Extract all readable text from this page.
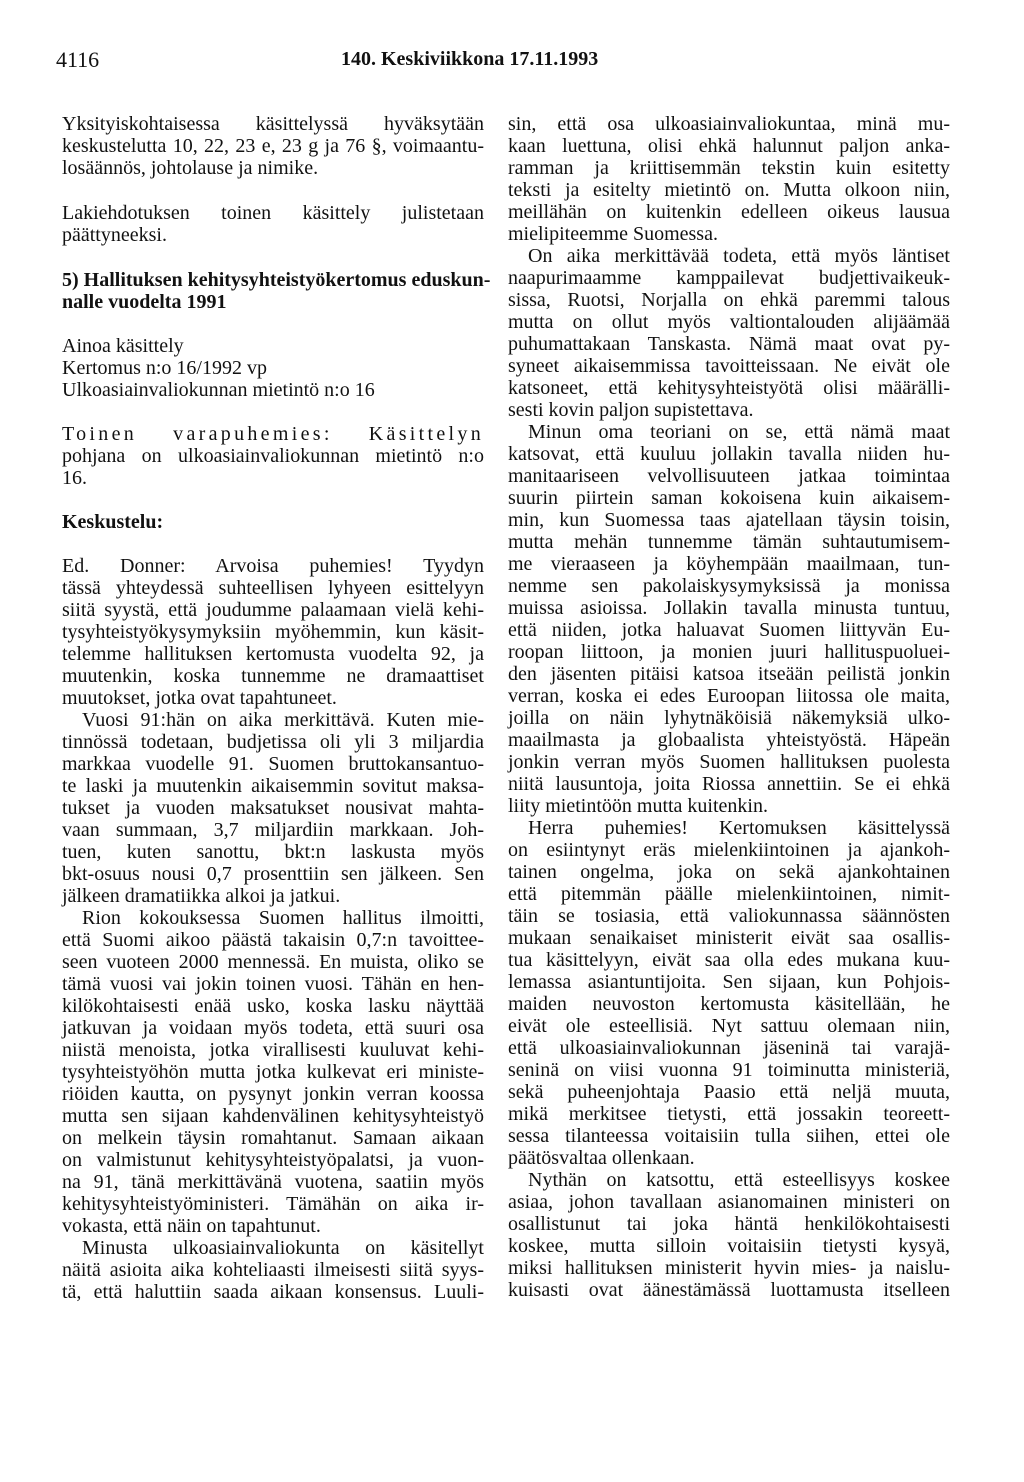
4116	140. Keskiviikkona 17.11.1993
Yksityiskohtaisessa käsittelyssä hyväksytään
keskustelutta 10, 22, 23 e, 23 g ja 76 §, voimaantu-
losäännös, johtolause ja nimike.
Lakiehdotuksen toinen käsittely julistetaan
päättyneeksi.
5) Hallituksen kehitysyhteistyökertomus eduskun-
nalle vuodelta 1991
Ainoa käsittely
Kertomus n:o 16/1992 vp
Ulkoasiainvaliokunnan mietintö n:o 16
Toinen varapuhemies: Käsittelyn
pohjana on ulkoasiainvaliokunnan mietintö n:o
16.
Keskustelu:
Ed. Donner: Arvoisa puhemies! Tyydyn
tässä yhteydessä suhteellisen lyhyeen esittelyyn
siitä syystä, että joudumme palaamaan vielä kehi-
tysyhteistyökysymyksiin myöhemmin, kun käsit-
telemme hallituksen kertomusta vuodelta 92, ja
muutenkin, koska tunnemme ne dramaattiset
muutokset, jotka ovat tapahtuneet.
Vuosi 91:hän on aika merkittävä. Kuten mie-
tinnössä todetaan, budjetissa oli yli 3 miljardia
markkaa vuodelle 91. Suomen bruttokansantuo-
te laski ja muutenkin aikaisemmin sovitut maksa-
tukset ja vuoden maksatukset nousivat mahta-
vaan summaan, 3,7 miljardiin markkaan. Joh-
tuen, kuten sanottu, bkt:n laskusta myös
bkt-osuus nousi 0,7 prosenttiin sen jälkeen. Sen
jälkeen dramatiikka alkoi ja jatkui.
Rion kokouksessa Suomen hallitus ilmoitti,
että Suomi aikoo päästä takaisin 0,7:n tavoittee-
seen vuoteen 2000 mennessä. En muista, oliko se
tämä vuosi vai jokin toinen vuosi. Tähän en hen-
kilökohtaisesti enää usko, koska lasku näyttää
jatkuvan ja voidaan myös todeta, että suuri osa
niistä menoista, jotka virallisesti kuuluvat kehi-
tysyhteistyöhön mutta jotka kulkevat eri ministe-
riöiden kautta, on pysynyt jonkin verran koossa
mutta sen sijaan kahdenvälinen kehitysyhteistyö
on melkein täysin romahtanut. Samaan aikaan
on valmistunut kehitysyhteistyöpalatsi, ja vuon-
na 91, tänä merkittävänä vuotena, saatiin myös
kehitysyhteistyöministeri. Tämähän on aika ir-
vokasta, että näin on tapahtunut.
Minusta ulkoasiainvaliokunta on käsitellyt
näitä asioita aika kohteliaasti ilmeisesti siitä syys-
tä, että haluttiin saada aikaan konsensus. Luuli-
sin, että osa ulkoasiainvaliokuntaa, minä mu-
kaan luettuna, olisi ehkä halunnut paljon anka-
ramman ja kriittisemmän tekstin kuin esitetty
teksti ja esitelty mietintö on. Mutta olkoon niin,
meillähän on kuitenkin edelleen oikeus lausua
mielipiteemme Suomessa.
On aika merkittävää todeta, että myös läntiset
naapurimaamme kamppailevat budjettivaikeuk-
sissa, Ruotsi, Norjalla on ehkä paremmi talous
mutta on ollut myös valtiontalouden alijäämää
puhumattakaan Tanskasta. Nämä maat ovat py-
syneet aikaisemmissa tavoitteissaan. Ne eivät ole
katsoneet, että kehitysyhteistyötä olisi määrälli-
sesti kovin paljon supistettava.
Minun oma teoriani on se, että nämä maat
katsovat, että kuuluu jollakin tavalla niiden hu-
manitaariseen velvollisuuteen jatkaa toimintaa
suurin piirtein saman kokoisena kuin aikaisem-
min, kun Suomessa taas ajatellaan täysin toisin,
mutta mehän tunnemme tämän suhtautumisem-
me vieraaseen ja köyhempään maailmaan, tun-
nemme sen pakolaiskysymyksissä ja monissa
muissa asioissa. Jollakin tavalla minusta tuntuu,
että niiden, jotka haluavat Suomen liittyvän Eu-
roopan liittoon, ja monien juuri hallituspuoluei-
den jäsenten pitäisi katsoa itseään peilistä jonkin
verran, koska ei edes Euroopan liitossa ole maita,
joilla on näin lyhytnäköisiä näkemyksiä ulko-
maailmasta ja globaalista yhteistyöstä. Häpeän
jonkin verran myös Suomen hallituksen puolesta
niitä lausuntoja, joita Riossa annettiin. Se ei ehkä
liity mietintöön mutta kuitenkin.
Herra puhemies! Kertomuksen käsittelyssä
on esiintynyt eräs mielenkiintoinen ja ajankoh-
tainen ongelma, joka on sekä ajankohtainen
että pitemmän päälle mielenkiintoinen, nimit-
täin se tosiasia, että valiokunnassa säännösten
mukaan senaikaiset ministerit eivät saa osallis-
tua käsittelyyn, eivät saa olla edes mukana kuu-
lemassa asiantuntijoita. Sen sijaan, kun Pohjois-
maiden neuvoston kertomusta käsitellään, he
eivät ole esteellisiä. Nyt sattuu olemaan niin,
että ulkoasiainvaliokunnan jäseninä tai varajä-
seninä on viisi vuonna 91 toiminutta ministeriä,
sekä puheenjohtaja Paasio että neljä muuta,
mikä merkitsee tietysti, että jossakin teoreett-
sessa tilanteessa voitaisiin tulla siihen, ettei ole
päätösvaltaa ollenkaan.
Nythän on katsottu, että esteellisyys koskee
asiaa, johon tavallaan asianomainen ministeri on
osallistunut tai joka häntä henkilökohtaisesti
koskee, mutta silloin voitaisiin tietysti kysyä,
miksi hallituksen ministerit hyvin mies- ja naislu-
kuisasti ovat äänestämässä luottamusta itselleen
